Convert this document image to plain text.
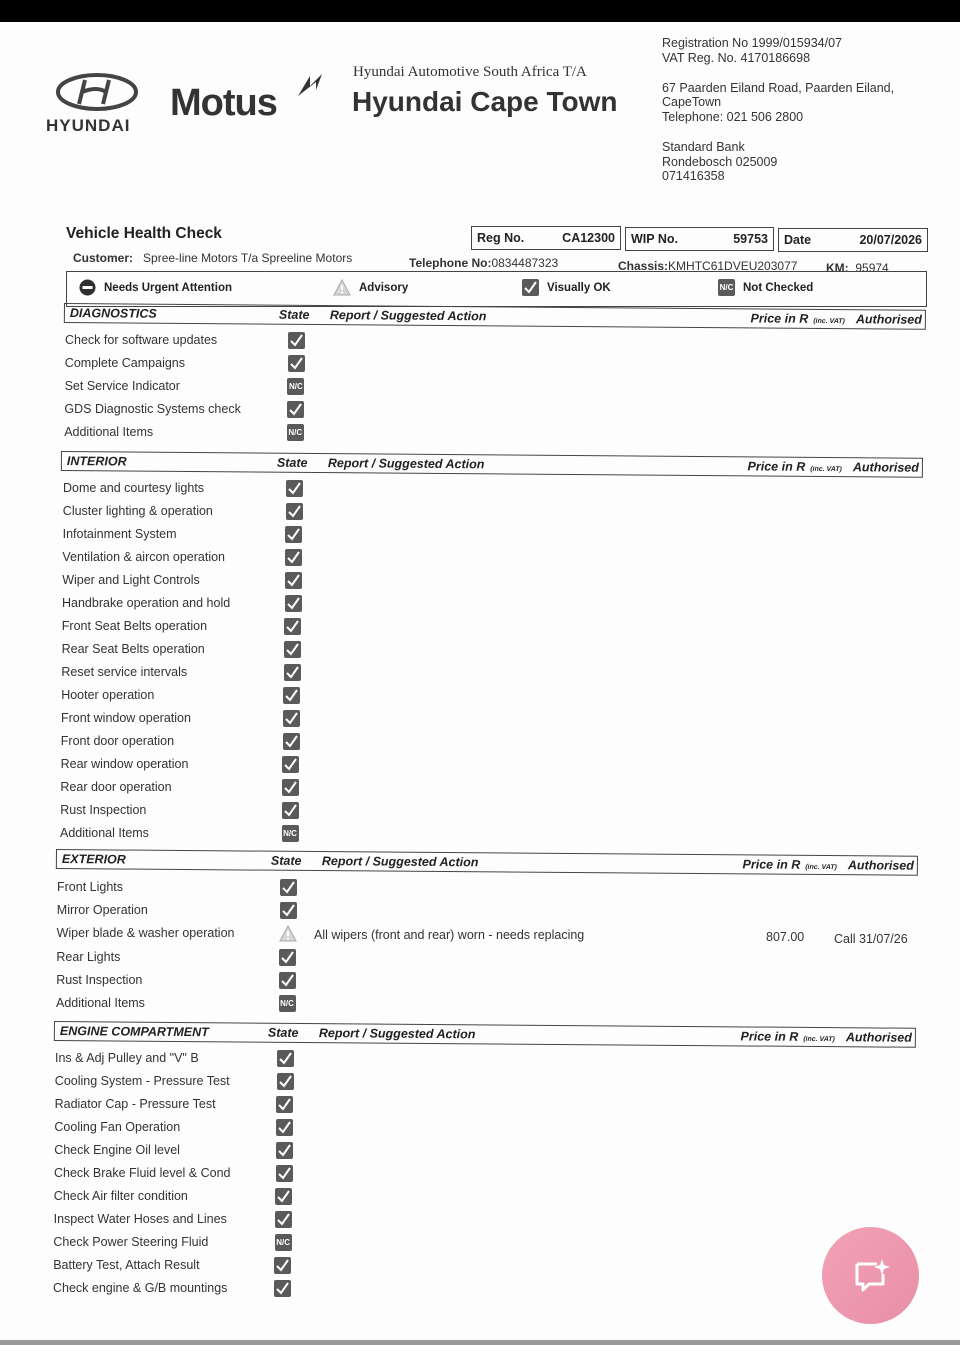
HYUNDAI
Motus
Hyundai Automotive South Africa T/A
Hyundai Cape Town
Registration No 1999/015934/07
VAT Reg. No. 4170186698
67 Paarden Eiland Road, Paarden Eiland,
CapeTown
Telephone: 021 506 2800
Standard Bank
Rondebosch 025009
071416358
Vehicle Health Check	Reg No.	CA12300 WIP No.	59753 Date	20/07/2026
Customer: Spree-line Motors T/a Spreeline Motors	Telephone No:0834487323	Chassis:KMHTC61DVEU203077 KM: 95974
Needs Urgent Attention	Advisory	Visually OK	N/C Not Checked
DIAGNOSTICS	State Report / Suggested Action	Price in R (inc. VAT) Authorised
Check for software updates
Complete Campaigns
Set Service Indicator	N/C
GDS Diagnostic Systems check
Additional Items	N/C
INTERIOR	State Report / Suggested Action	Price in R (inc. VAT) Authorised
Dome and courtesy lights
Cluster lighting & operation
Infotainment System
Ventilation & aircon operation
Wiper and Light Controls
Handbrake operation and hold
Front Seat Belts operation
Rear Seat Belts operation
Reset service intervals
Hooter operation
Front window operation
Front door operation
Rear window operation
Rear door operation
Rust Inspection
Additional Items	N/C
EXTERIOR	State Report / Suggested Action	Price in R (inc. VAT) Authorised
Front Lights
Mirror Operation
Wiper blade & washer operation	All wipers (front and rear) worn - needs replacing	807.00 Call 31/07/26
Rear Lights
Rust Inspection
Additional Items	N/C
ENGINE COMPARTMENT	State Report / Suggested Action	Price in R (inc. VAT) Authorised
Ins & Adj Pulley and "V" B
Cooling System - Pressure Test
Radiator Cap - Pressure Test
Cooling Fan Operation
Check Engine Oil level
Check Brake Fluid level & Cond
Check Air filter condition
Inspect Water Hoses and Lines
Check Power Steering Fluid	N/C
Battery Test, Attach Result
Check engine & G/B mountings
